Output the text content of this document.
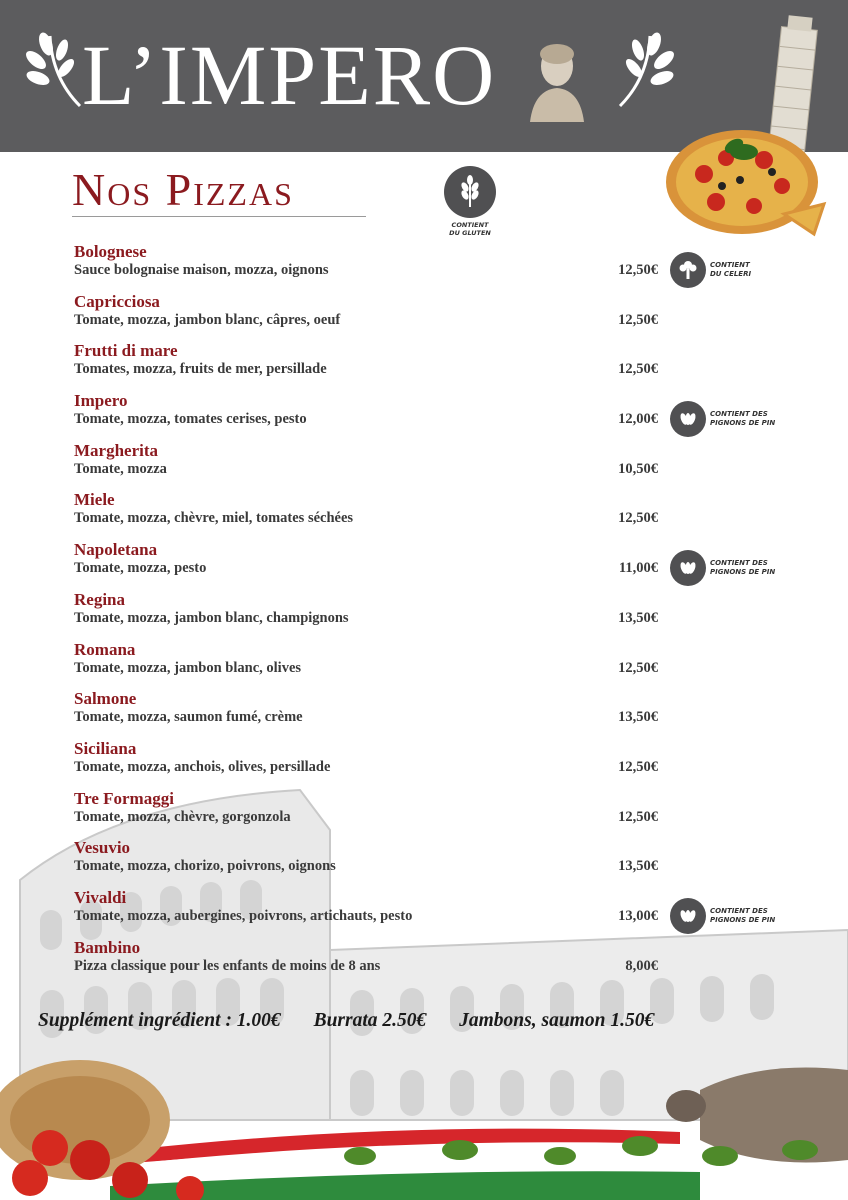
L’IMPERO
Nos Pizzas
CONTIENT
DU GLUTEN
Bolognese
Sauce bolognaise maison, mozza, oignons	12,50€	CONTIENT
DU CELERI
Capricciosa
Tomate, mozza, jambon blanc, câpres, oeuf	12,50€
Frutti di mare
Tomates, mozza, fruits de mer, persillade	12,50€
Impero
Tomate, mozza, tomates cerises, pesto	12,00€	CONTIENT DES
PIGNONS DE PIN
Margherita
Tomate, mozza	10,50€
Miele
Tomate, mozza, chèvre, miel, tomates séchées	12,50€
Napoletana
Tomate, mozza, pesto	11,00€	CONTIENT DES
PIGNONS DE PIN
Regina
Tomate, mozza, jambon blanc, champignons	13,50€
Romana
Tomate, mozza, jambon blanc, olives	12,50€
Salmone
Tomate, mozza, saumon fumé, crème	13,50€
Siciliana
Tomate, mozza, anchois, olives, persillade	12,50€
Tre Formaggi
Tomate, mozza, chèvre, gorgonzola	12,50€
Vesuvio
Tomate, mozza, chorizo, poivrons, oignons	13,50€
Vivaldi
Tomate, mozza, aubergines, poivrons, artichauts, pesto	13,00€	CONTIENT DES
PIGNONS DE PIN
Bambino
Pizza classique pour les enfants de moins de 8 ans	8,00€
Supplément ingrédient : 1.00€ Burrata 2.50€ Jambons, saumon 1.50€
